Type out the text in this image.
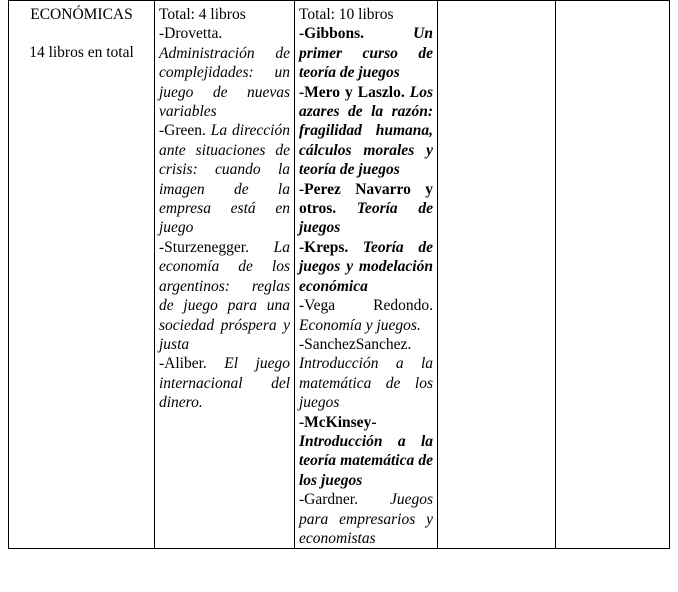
ECONÓMICAS
14 libros en total

Total: 4 libros
-Drovetta. Administración de complejidades: un juego de nuevas variables
-Green. La dirección ante situaciones de crisis: cuando la imagen de la empresa está en juego
-Sturzenegger. La economía de los argentinos: reglas de juego para una sociedad próspera y justa
-Aliber. El juego internacional del dinero.

Total: 10 libros
-Gibbons.	Un primer curso de teoría de juegos
-Mero y Laszlo. Los azares de la razón: fragilidad humana, cálculos morales y teoría de juegos
-Perez Navarro y otros. Teoría de juegos
-Kreps. Teoría de juegos y modelación económica
-Vega Redondo. Economía y juegos.
-SanchezSanchez. Introducción a la matemática de los juegos
-McKinsey- Introducción a la teoría matemática de los juegos
-Gardner. Juegos para empresarios y economistas
